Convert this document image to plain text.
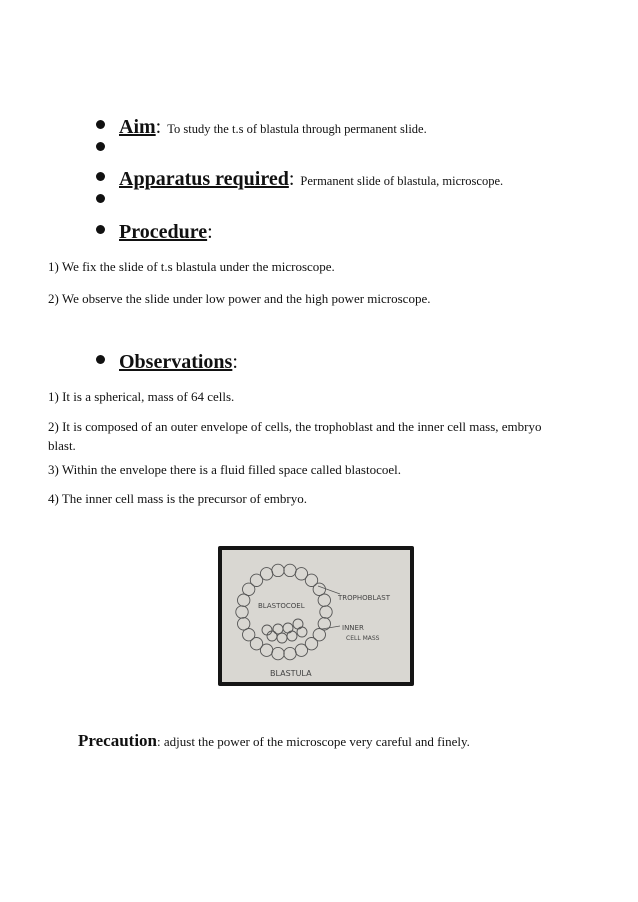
Aim : To study the t.s of blastula through permanent slide.
Apparatus required : Permanent slide of blastula, microscope.
Procedure :
1) We fix the slide of t.s blastula under the microscope.
2) We observe the slide under low power and the high power microscope.
Observations :
1) It is a spherical, mass of 64 cells.
2) It is composed of an outer envelope of cells, the trophoblast and the inner cell mass, embryo blast.
3) Within the envelope there is a fluid filled space called blastocoel.
4) The inner cell mass is the precursor of embryo.
TROPHOBLAST
BLASTOCOEL
INNER
CELL MASS
BLASTULA
Precaution: adjust the power of the microscope very careful and finely.
